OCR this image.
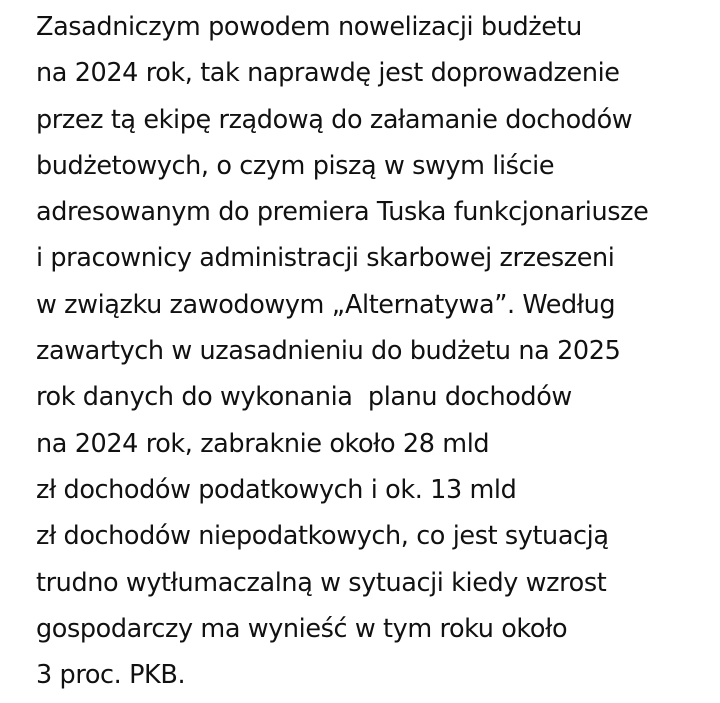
Zasadniczym powodem nowelizacji budżetu
na 2024 rok, tak naprawdę jest doprowadzenie
przez tą ekipę rządową do załamanie dochodów
budżetowych, o czym piszą w swym liście
adresowanym do premiera Tuska funkcjonariusze
i pracownicy administracji skarbowej zrzeszeni
w związku zawodowym „Alternatywa”. Według
zawartych w uzasadnieniu do budżetu na 2025
rok danych do wykonania  planu dochodów
na 2024 rok, zabraknie około 28 mld
zł dochodów podatkowych i ok. 13 mld
zł dochodów niepodatkowych, co jest sytuacją
trudno wytłumaczalną w sytuacji kiedy wzrost
gospodarczy ma wynieść w tym roku około
3 proc. PKB.
